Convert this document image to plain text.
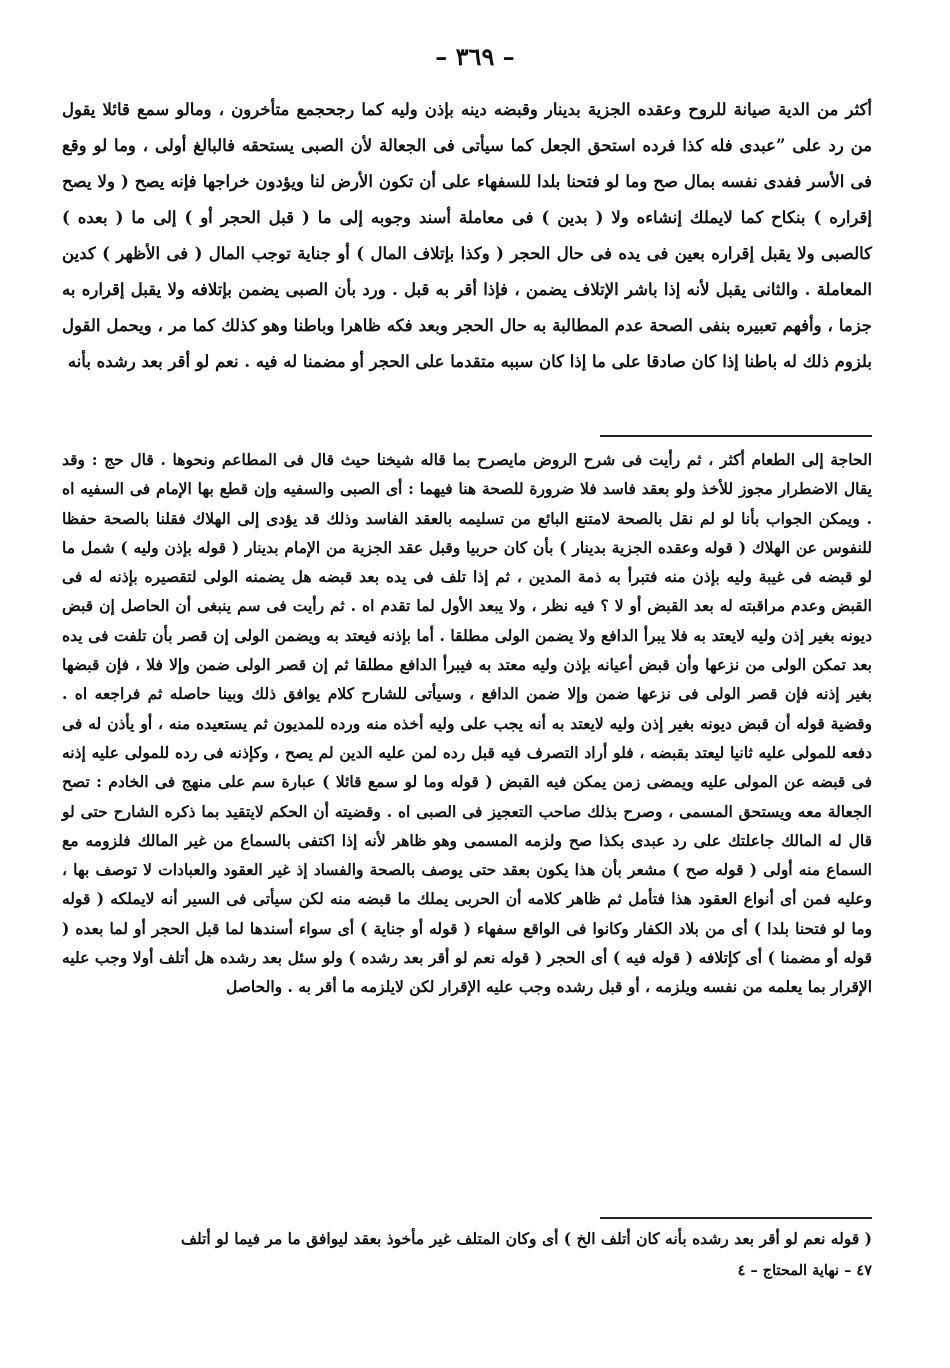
– ٣٦٩ –

أكثر من الدية صيانة للروح وعقده الجزية بدينار وقبضه دينه بإذن وليه كما رجحجمع متأخرون ، ومالو سمع قائلا يقول من رد على ”عبدى فله كذا فرده استحق الجعل كما سيأتى فى الجعالة لأن الصبى يستحقه فالبالغ أولى ، وما لو وقع فى الأسر ففدى نفسه بمال صح وما لو فتحنا بلدا للسفهاء على أن تكون الأرض لنا ويؤدون خراجها فإنه يصح ( ولا يصح إقراره ) بنكاح كما لايملك إنشاءه ولا ( بدين ) فى معاملة أسند وجوبه إلى ما ( قبل الحجر أو ) إلى ما ( بعده ) كالصبى ولا يقبل إقراره بعين فى يده فى حال الحجر ( وكذا بإتلاف المال ) أو جناية توجب المال ( فى الأظهر ) كدين المعاملة . والثانى يقبل لأنه إذا باشر الإتلاف يضمن ، فإذا أقر به قبل . ورد بأن الصبى يضمن بإتلافه ولا يقبل إقراره به جزما ، وأفهم تعبيره بنفى الصحة عدم المطالبة به حال الحجر وبعد فكه ظاهرا وباطنا وهو كذلك كما مر ، ويحمل القول بلزوم ذلك له باطنا إذا كان صادقا على ما إذا كان سببه متقدما على الحجر أو مضمنا له فيه . نعم لو أقر بعد رشده بأنه

الحاجة إلى الطعام أكثر ، ثم رأيت فى شرح الروض مايصرح بما قاله شيخنا حيث قال فى المطاعم ونحوها . قال حج : وقد يقال الاضطرار مجوز للأخذ ولو بعقد فاسد فلا ضرورة للصحة هنا فيهما : أى الصبى والسفيه وإن قطع بها الإمام فى السفيه اه . ويمكن الجواب بأنا لو لم نقل بالصحة لامتنع البائع من تسليمه بالعقد الفاسد وذلك قد يؤدى إلى الهلاك فقلنا بالصحة حفظا للنفوس عن الهلاك ( قوله وعقده الجزية بدينار ) بأن كان حربيا وقبل عقد الجزية من الإمام بدينار ( قوله بإذن وليه ) شمل ما لو قبضه فى غيبة وليه بإذن منه فتبرأ به ذمة المدين ، ثم إذا تلف فى يده بعد قبضه هل يضمنه الولى لتقصيره بإذنه له فى القبض وعدم مراقبته له بعد القبض أو لا ؟ فيه نظر ، ولا يبعد الأول لما تقدم اه . ثم رأيت فى سم ينبغى أن الحاصل إن قبض ديونه بغير إذن وليه لايعتد به فلا يبرأ الدافع ولا يضمن الولى مطلقا . أما بإذنه فيعتد به ويضمن الولى إن قصر بأن تلفت فى يده بعد تمكن الولى من نزعها وأن قبض أعيانه بإذن وليه معتد به فيبرأ الدافع مطلقا ثم إن قصر الولى ضمن وإلا فلا ، فإن قبضها بغير إذنه فإن قصر الولى فى نزعها ضمن وإلا ضمن الدافع ، وسيأتى للشارح كلام يوافق ذلك وبينا حاصله ثم فراجعه اه . وقضية قوله أن قبض ديونه بغير إذن وليه لايعتد به أنه يجب على وليه أخذه منه ورده للمديون ثم يستعيده منه ، أو يأذن له فى دفعه للمولى عليه ثانيا ليعتد بقبضه ، فلو أراد التصرف فيه قبل رده لمن عليه الدين لم يصح ، وكإذنه فى رده للمولى عليه إذنه فى قبضه عن المولى عليه ويمضى زمن يمكن فيه القبض ( قوله وما لو سمع قائلا ) عبارة سم على منهج فى الخادم : تصح الجعالة معه ويستحق المسمى ، وصرح بذلك صاحب التعجيز فى الصبى اه . وقضيته أن الحكم لايتقيد بما ذكره الشارح حتى لو قال له المالك جاعلتك على رد عبدى بكذا صح ولزمه المسمى وهو ظاهر لأنه إذا اكتفى بالسماع من غير المالك فلزومه مع السماع منه أولى ( قوله صح ) مشعر بأن هذا يكون بعقد حتى يوصف بالصحة والفساد إذ غير العقود والعبادات لا توصف بها ، وعليه فمن أى أنواع العقود هذا فتأمل ثم ظاهر كلامه أن الحربى يملك ما قبضه منه لكن سيأتى فى السير أنه لايملكه ( قوله وما لو فتحنا بلدا ) أى من بلاد الكفار وكانوا فى الواقع سفهاء ( قوله أو جناية ) أى سواء أسندها لما قبل الحجر أو لما بعده ( قوله أو مضمنا ) أى كإتلافه ( قوله فيه ) أى الحجر ( قوله نعم لو أقر بعد رشده ) ولو سئل بعد رشده هل أتلف أولا وجب عليه الإقرار بما يعلمه من نفسه ويلزمه ، أو قبل رشده وجب عليه الإقرار لكن لايلزمه ما أقر به . والحاصل

( قوله نعم لو أقر بعد رشده بأنه كان أتلف الخ ) أى وكان المتلف غير مأخوذ بعقد ليوافق ما مر فيما لو أتلف

٤٧ – نهاية المحتاج – ٤
